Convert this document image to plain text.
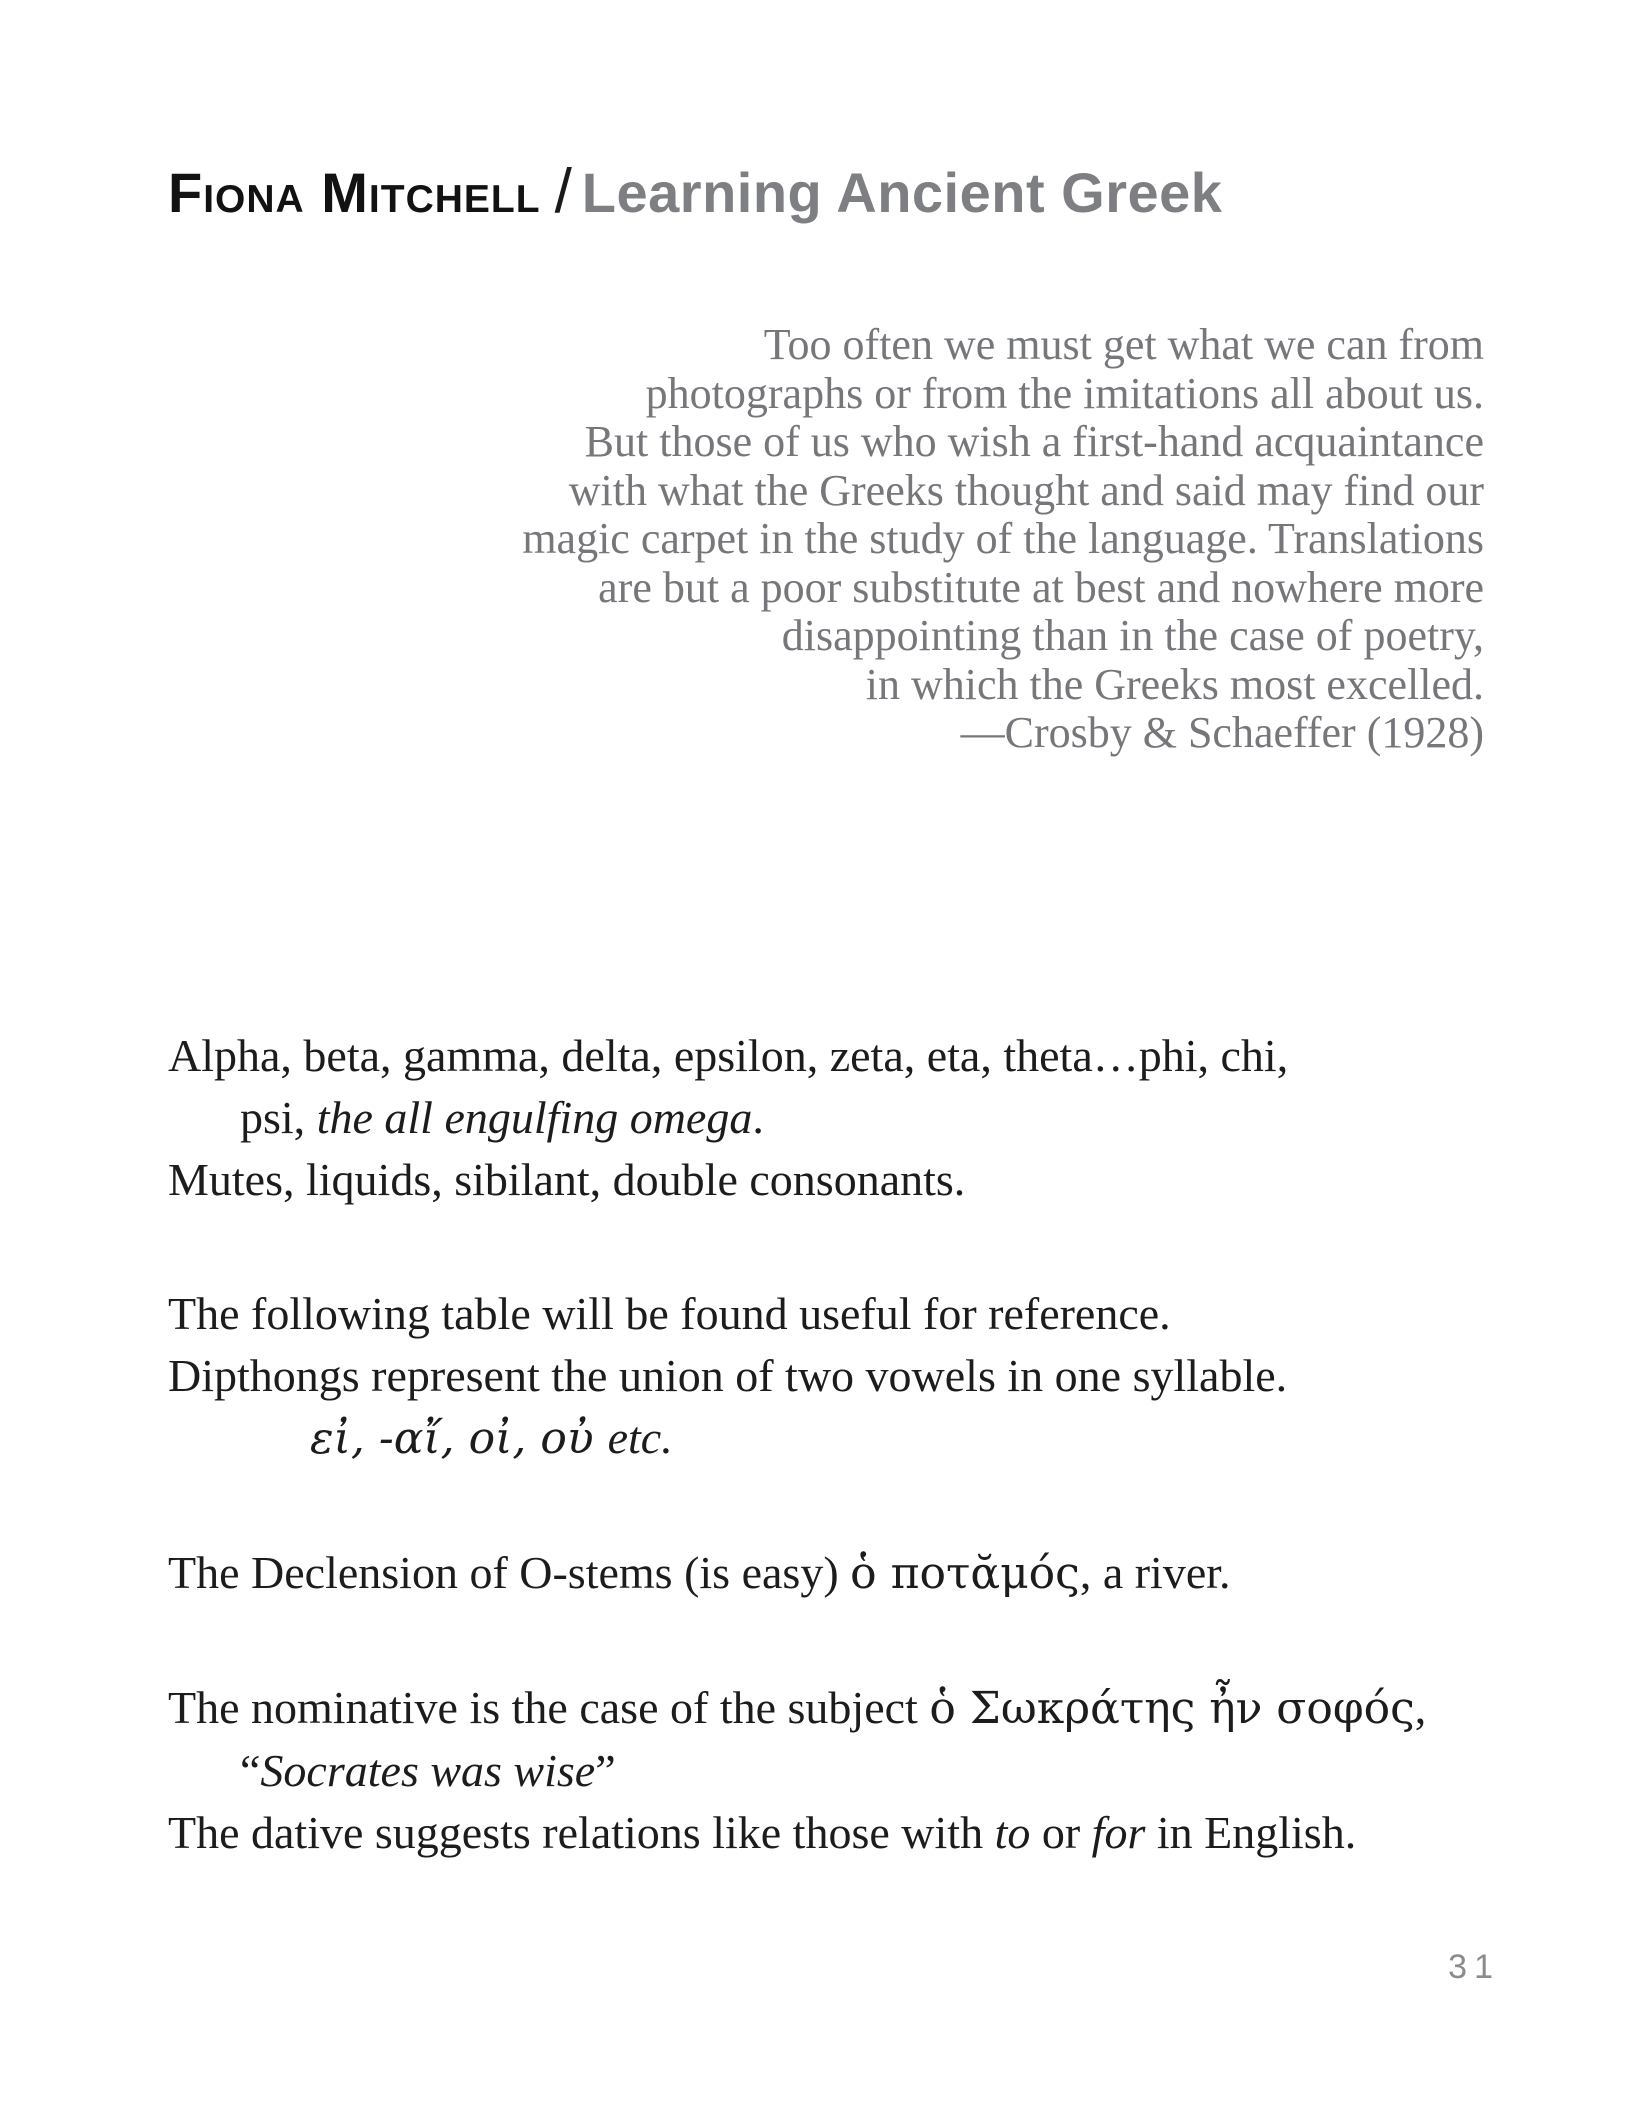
Fiona Mitchell / Learning Ancient Greek
Too often we must get what we can from
photographs or from the imitations all about us.
But those of us who wish a first-hand acquaintance
with what the Greeks thought and said may find our
magic carpet in the study of the language. Translations
are but a poor substitute at best and nowhere more
disappointing than in the case of poetry,
in which the Greeks most excelled.
—Crosby & Schaeffer (1928)
Alpha, beta, gamma, delta, epsilon, zeta, eta, theta…phi, chi,
psi, the all engulfing omega.
Mutes, liquids, sibilant, double consonants.
The following table will be found useful for reference.
Dipthongs represent the union of two vowels in one syllable.
εἰ, -αἴ, οἰ, οὐ etc.
The Declension of O-stems (is easy) ὁ ποτᾰμός, a river.
The nominative is the case of the subject ὁ Σωκράτης ἦν σοφός,
“Socrates was wise”
The dative suggests relations like those with to or for in English.
31
